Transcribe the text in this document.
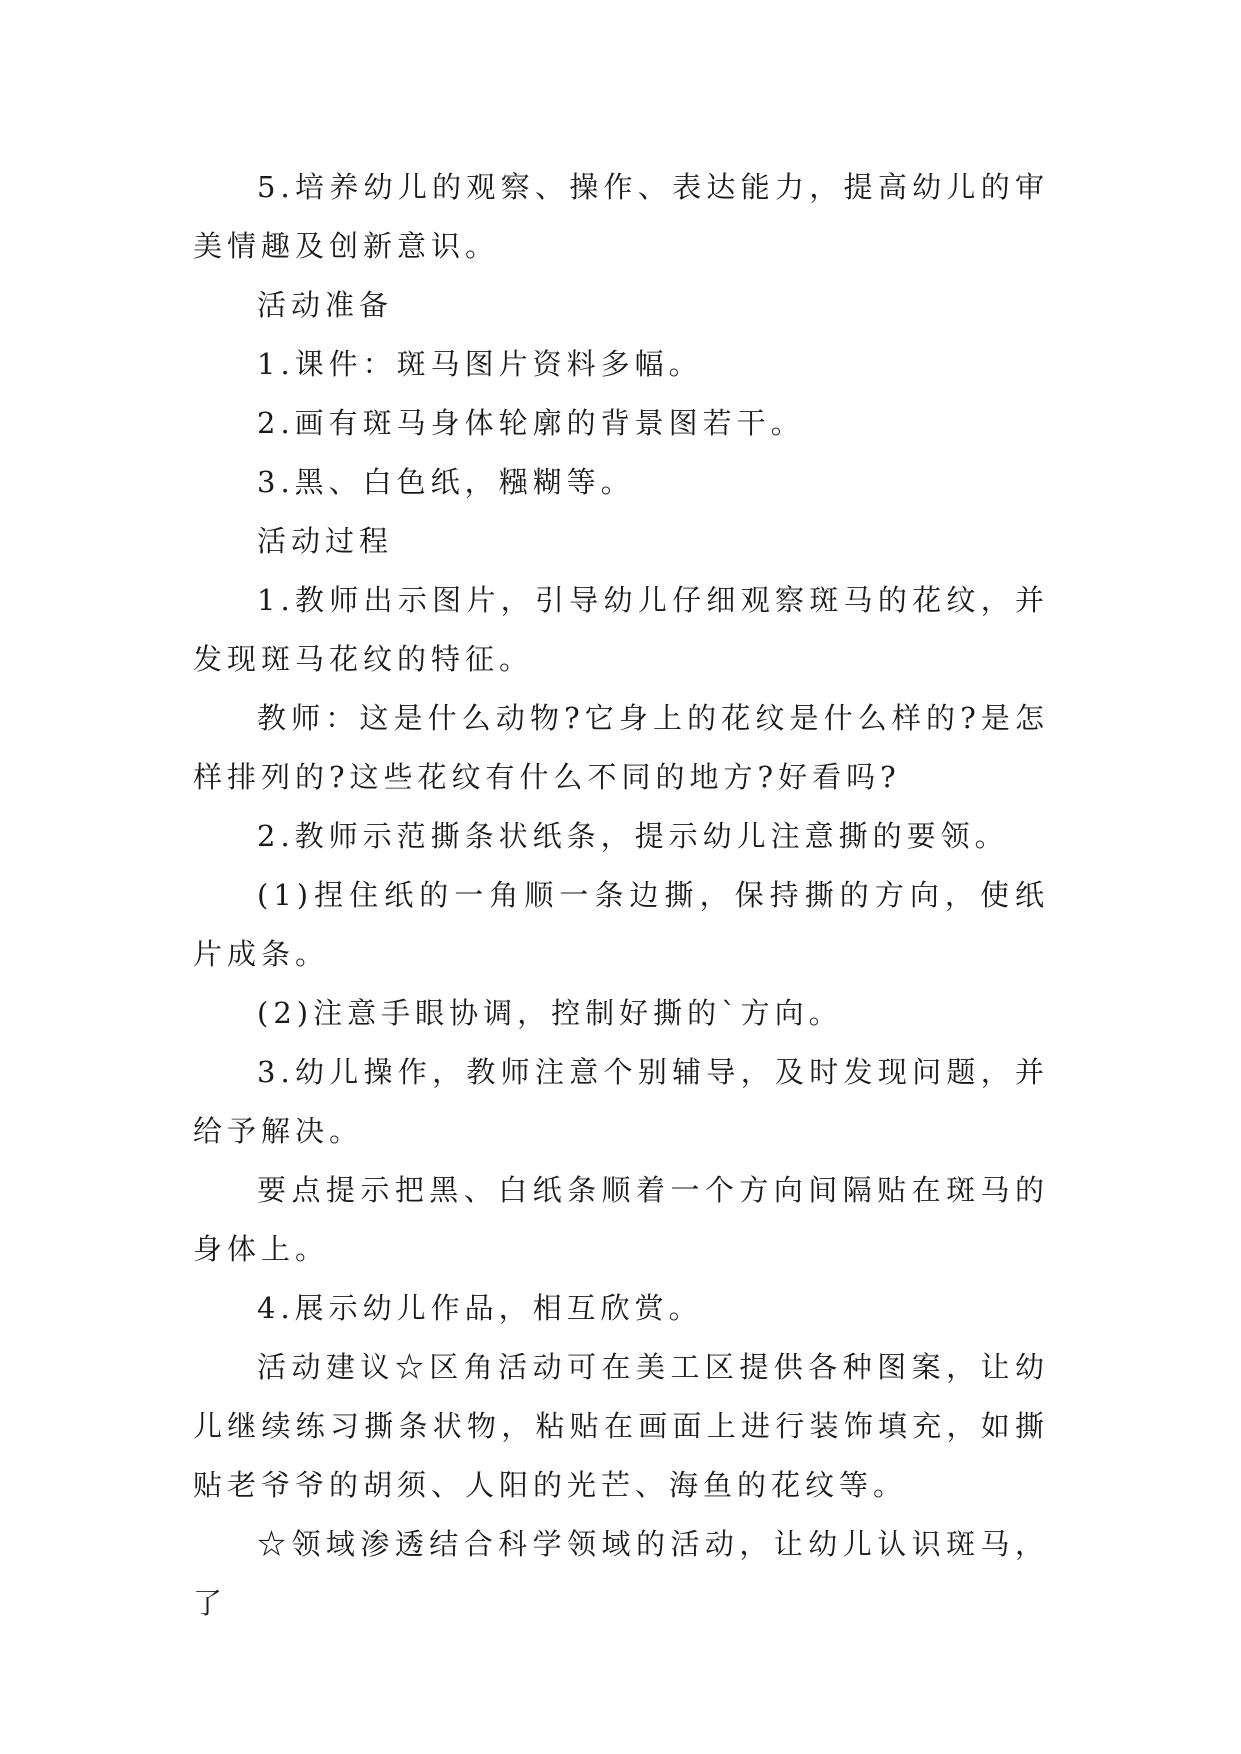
5.培养幼儿的观察、操作、表达能力，提高幼儿的审美情趣及创新意识。

活动准备

1.课件：斑马图片资料多幅。

2.画有斑马身体轮廓的背景图若干。

3.黑、白色纸，糨糊等。

活动过程

1.教师出示图片，引导幼儿仔细观察斑马的花纹，并发现斑马花纹的特征。

教师：这是什么动物?它身上的花纹是什么样的?是怎样排列的?这些花纹有什么不同的地方?好看吗?

2.教师示范撕条状纸条，提示幼儿注意撕的要领。

(1)捏住纸的一角顺一条边撕，保持撕的方向，使纸片成条。

(2)注意手眼协调，控制好撕的`方向。

3.幼儿操作，教师注意个别辅导，及时发现问题，并给予解决。

要点提示把黑、白纸条顺着一个方向间隔贴在斑马的身体上。

4.展示幼儿作品，相互欣赏。

活动建议☆区角活动可在美工区提供各种图案，让幼儿继续练习撕条状物，粘贴在画面上进行装饰填充，如撕贴老爷爷的胡须、人阳的光芒、海鱼的花纹等。

☆领域渗透结合科学领域的活动，让幼儿认识斑马，了
